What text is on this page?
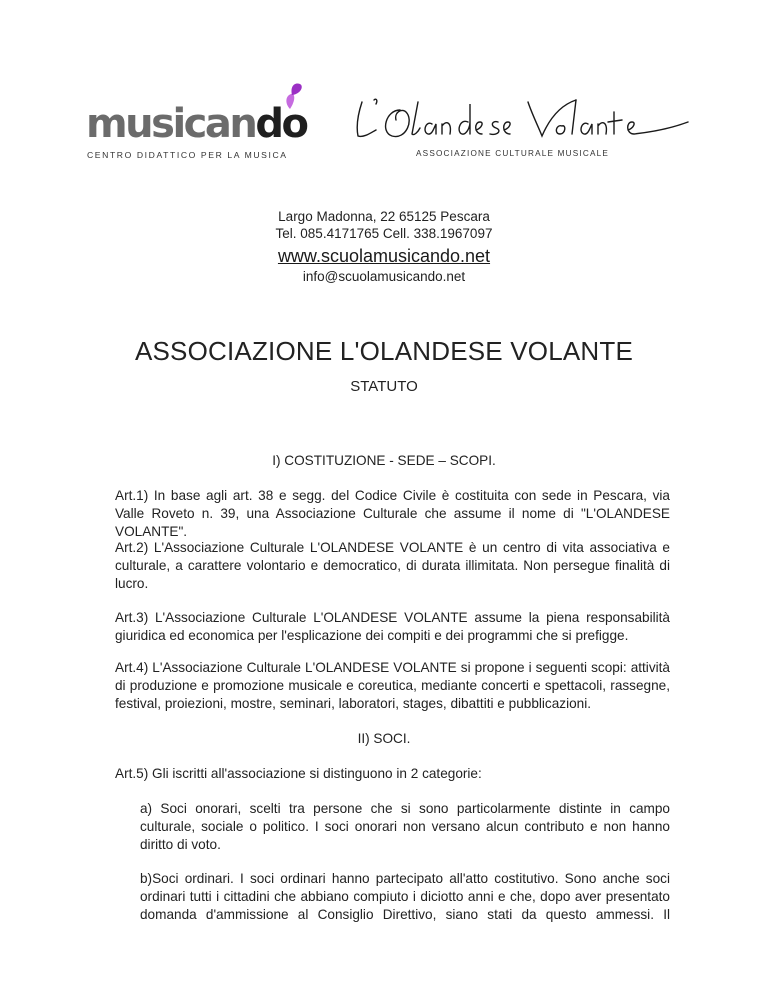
musicando
CENTRO DIDATTICO PER LA MUSICA	ASSOCIAZIONE CULTURALE MUSICALE
Largo Madonna, 22 65125 Pescara
Tel. 085.4171765 Cell. 338.1967097
www.scuolamusicando.net
info@scuolamusicando.net
ASSOCIAZIONE L'OLANDESE VOLANTE
STATUTO
I) COSTITUZIONE - SEDE – SCOPI.
Art.1) In base agli art. 38 e segg. del Codice Civile è costituita con sede in Pescara, via Valle Roveto n. 39, una Associazione Culturale che assume il nome di "L'OLANDESE VOLANTE".
Art.2) L'Associazione Culturale L'OLANDESE VOLANTE è un centro di vita associativa e culturale, a carattere volontario e democratico, di durata illimitata. Non persegue finalità di lucro.
Art.3) L'Associazione Culturale L'OLANDESE VOLANTE assume la piena responsabilità giuridica ed economica per l'esplicazione dei compiti e dei programmi che si prefigge.
Art.4) L'Associazione Culturale L'OLANDESE VOLANTE si propone i seguenti scopi: attività di produzione e promozione musicale e coreutica, mediante concerti e spettacoli, rassegne, festival, proiezioni, mostre, seminari, laboratori, stages, dibattiti e pubblicazioni.
II) SOCI.
Art.5) Gli iscritti all'associazione si distinguono in 2 categorie:
a) Soci onorari, scelti tra persone che si sono particolarmente distinte in campo culturale, sociale o politico. I soci onorari non versano alcun contributo e non hanno diritto di voto.
b)Soci ordinari. I soci ordinari hanno partecipato all'atto costitutivo. Sono anche soci ordinari tutti i cittadini che abbiano compiuto i diciotto anni e che, dopo aver presentato domanda d'ammissione al Consiglio Direttivo, siano stati da questo ammessi. Il
